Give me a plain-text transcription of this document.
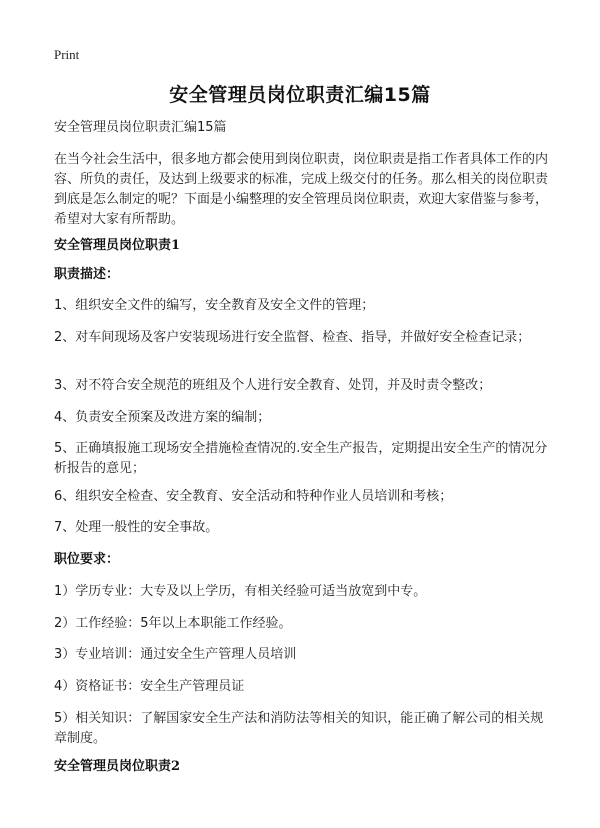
Print
安全管理员岗位职责汇编15篇
安全管理员岗位职责汇编15篇
在当今社会生活中，很多地方都会使用到岗位职责，岗位职责是指工作者具体工作的内容、所负的责任，及达到上级要求的标准，完成上级交付的任务。那么相关的岗位职责到底是怎么制定的呢？下面是小编整理的安全管理员岗位职责，欢迎大家借鉴与参考，希望对大家有所帮助。
安全管理员岗位职责1
职责描述：
1、组织安全文件的编写，安全教育及安全文件的管理；
2、对车间现场及客户安装现场进行安全监督、检查、指导，并做好安全检查记录；
3、对不符合安全规范的班组及个人进行安全教育、处罚，并及时责令整改；
4、负责安全预案及改进方案的编制；
5、正确填报施工现场安全措施检查情况的.安全生产报告，定期提出安全生产的情况分析报告的意见；
6、组织安全检查、安全教育、安全活动和特种作业人员培训和考核；
7、处理一般性的安全事故。
职位要求：
1）学历专业：大专及以上学历，有相关经验可适当放宽到中专。
2）工作经验：5年以上本职能工作经验。
3）专业培训：通过安全生产管理人员培训
4）资格证书：安全生产管理员证
5）相关知识：了解国家安全生产法和消防法等相关的知识，能正确了解公司的相关规章制度。
安全管理员岗位职责2
